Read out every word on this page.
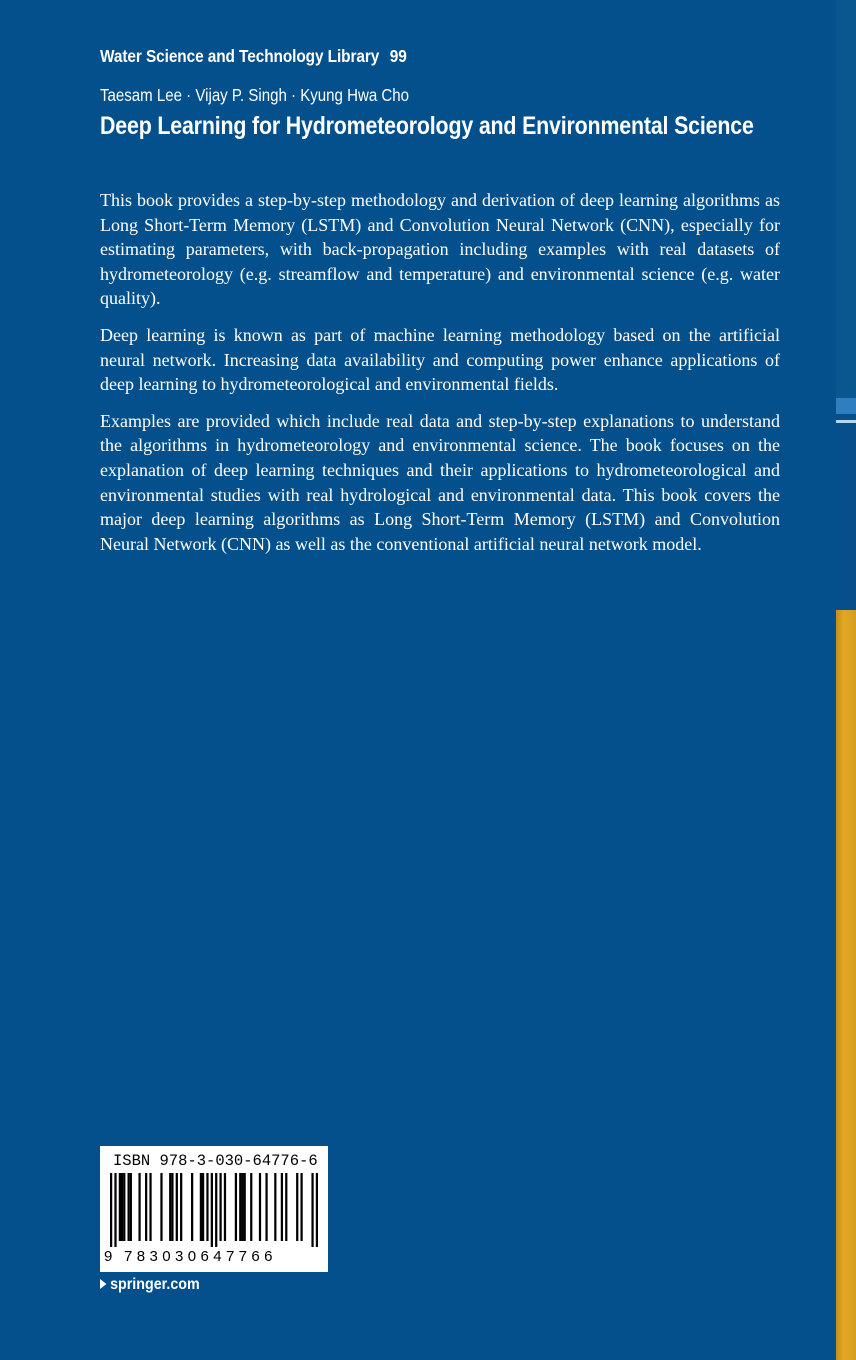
Water Science and Technology Library 99
Taesam Lee · Vijay P. Singh · Kyung Hwa Cho
Deep Learning for Hydrometeorology and Environmental Science

This book provides a step-by-step methodology and derivation of deep learning algorithms as Long Short-Term Memory (LSTM) and Convolution Neural Network (CNN), especially for estimating parameters, with back-propagation including examples with real datasets of hydrometeorology (e.g. streamflow and temperature) and environmental science (e.g. water quality).

Deep learning is known as part of machine learning methodology based on the artificial neural network. Increasing data availability and computing power enhance applications of deep learning to hydrometeorological and environmental fields.

Examples are provided which include real data and step-by-step explanations to understand the algorithms in hydrometeorology and environmental science. The book focuses on the explanation of deep learning techniques and their applications to hydrometeorological and environmental studies with real hydrological and environmental data. This book covers the major deep learning algorithms as Long Short-Term Memory (LSTM) and Convolution Neural Network (CNN) as well as the conventional artificial neural network model.

ISBN 978-3-030-64776-6
9 783030647766
springer.com
